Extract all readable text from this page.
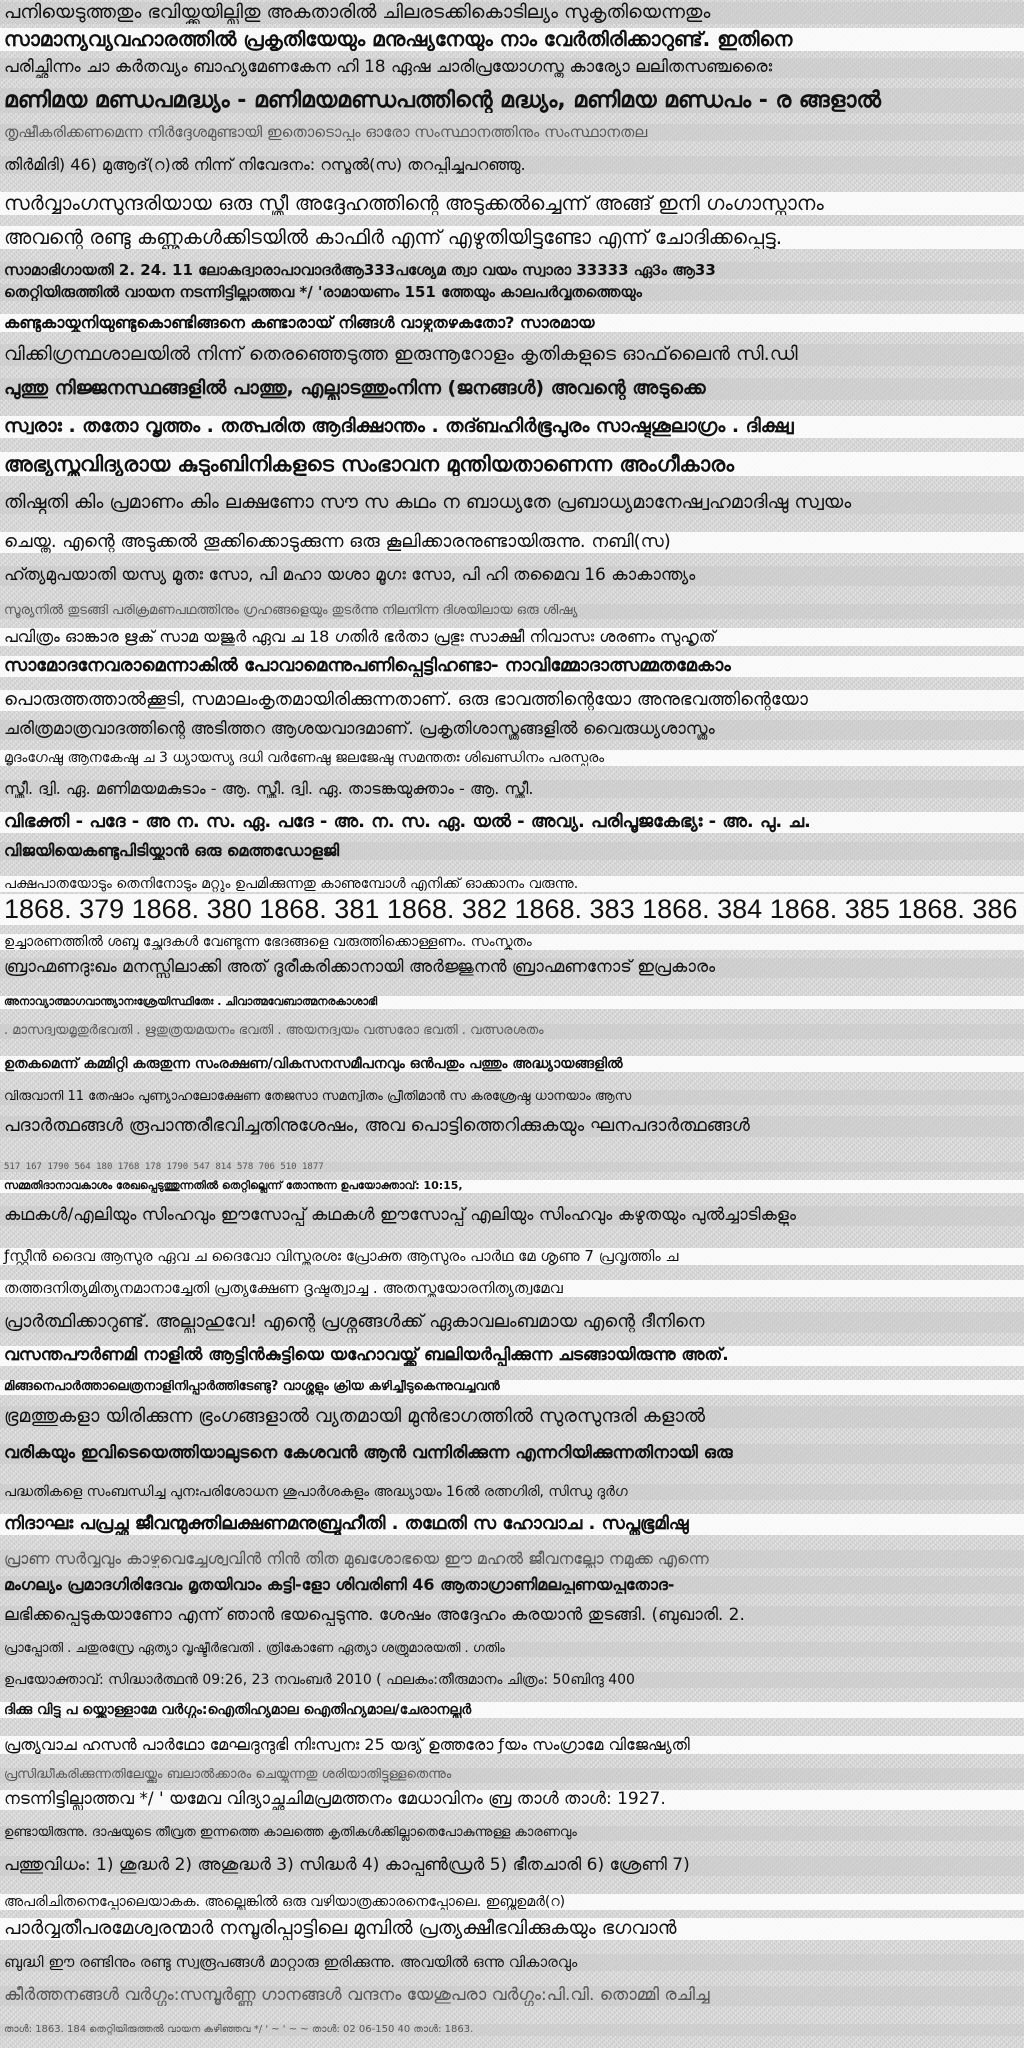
പനിയെടുത്തതും ഭവിയ്ക്കയില്ലിതു അകതാരിൽ ചിലരടക്കികൊടില്യം സുകൃതിയെന്നതും
സാമാന്യവ്യവഹാരത്തിൽ പ്രകൃതിയേയും മനുഷ്യനേയും നാം വേർതിരിക്കാറുണ്ട്. ഇതിനെ
പരിച്ഛിന്നം ചാ കർതവ്യം ബാഹ്യമേണകേന ഹി 18 ഏഷ ചാരിപ്രയോഗസ്തു കാര്യോ ലലിതസഞ്ചരൈഃ
മണിമയ മണ്ഡപമദ്ധ്യം - മണിമയമണ്ഡപത്തിന്റെ മദ്ധ്യം, മണിമയ മണ്ഡപം - ര ങ്ങളാൽ
തൃഷീകരിക്കണമെന്ന നിർദ്ദേശമുണ്ടായി ഇതൊടൊപ്പം ഓരോ സംസ്ഥാനത്തിനും സംസ്ഥാനതല
തിർമിദി) 46) മുആദ്(റ)ൽ നിന്ന് നിവേദനം: റസൂൽ(സ) തറപ്പിച്ചുപറഞ്ഞു.
സർവ്വാംഗസുന്ദരിയായ ഒരു സ്ത്രീ അദ്ദേഹത്തിന്റെ അടുക്കൽച്ചെന്ന് അങ്ങ് ഇനി ഗംഗാസ്നാനം
അവന്റെ രണ്ടു കണ്ണുകൾക്കിടയിൽ കാഫിർ എന്ന് എഴുതിയിട്ടുണ്ടോ എന്ന് ചോദിക്കപ്പെട്ടു.
സാമാഭിഗായതി 2. 24. 11 ലോകദ്വാരാപാവാദർആ333പശ്യേമ ത്വാ വയം സ്വാരാ 33333 ഏ3ം ആ33
തെറ്റിയിരുത്തിൽ വായന നടന്നിട്ടില്ലാത്തവ */ 'രാമായണം 151 ത്തേയും കാലപർവ്വതത്തെയും
കണ്ടുകായ്കനിയുണ്ടുകൊണ്ടിങ്ങനെ കണ്ടാരായ് നിങ്ങൾ വാഴ്വതഴകതോ? സാരമായ
വിക്കിഗ്രന്ഥശാലയിൽ നിന്ന് തെരഞ്ഞെടുത്ത ഇരുന്നൂറോളം കൃതികളുടെ ഓഫ്‌ലൈൻ സി.ഡി
പുത്തു നിജ്ജനസ്ഥങ്ങളിൽ പാത്തു, എല്ലാടത്തുംനിന്ന (ജനങ്ങൾ) അവന്റെ അടുക്കെ
സ്വരാഃ . തതോ വൃത്തം . തത്പരിത ആദിക്ഷാന്തം . തദ്ബഹിർഭൂപുരം സാഷ്ടശൂലാഗ്രം . ദിക്ഷ്വ
അഭ്യസ്തവിദ്യരായ കുടുംബിനികളുടെ സംഭാവന മുന്തിയതാണെന്ന അംഗീകാരം
തിഷ്ഠതി കിം പ്രമാണം കിം ലക്ഷണോ സൗ സ കഥം ന ബാധ്യതേ പ്രബാധ്യമാനേഷ്വഹമാദിഷു സ്വയം
ചെയ്തു. എന്റെ അടുക്കൽ തൂക്കിക്കൊടുക്കുന്ന ഒരു കൂലിക്കാരനുണ്ടായിരുന്നു. നബി(സ)
ഹ്ത്യമുപയാതി യസ്യ മൂതഃ സോ, പി മഹാ യശാ മൂഗഃ സോ, പി ഹി തമൈവ 16 കാകാന്ത്യം
സൂര്യനിൽ തുടങ്ങി പരിക്രമണപഥത്തിനും ഗ്രഹങ്ങളെയും തുടർന്നു നിലനിന്ന ദിശയിലായ ഒരു ശിഷ്യ
പവിത്രം ഓങ്കാര ഋക് സാമ യജുർ ഏവ ച 18 ഗതിർ ഭർതാ പ്രഭുഃ സാക്ഷീ നിവാസഃ ശരണം സുഹൃത്
സാമോദനേവരാമെന്നാകിൽ പോവാമെന്നുപണിപ്പെട്ടിഹണ്ടാ- നാവിമ്മോദാത്സമ്മതമേകാം
പൊരുത്തത്താൽക്കൂടി, സമാലംകൃതമായിരിക്കുന്നതാണ്. ഒരു ഭാവത്തിന്റെയോ അനുഭവത്തിന്റെയോ
ചരിത്രമാത്രവാദത്തിന്റെ അടിത്തറ ആശയവാദമാണ്. പ്രകൃതിശാസ്ത്രങ്ങളിൽ വൈരുധ്യശാസ്ത്രം
മൃദംഗേഷു ആനകേഷു ച 3 ധ്യായസ്യ ദധി വർണേഷു ജലജേഷു സമന്തതഃ ശിഖണ്ഡിനം പരസ്പരം
സ്ത്രീ. ദ്വി. ഏ. മണിമയമകുടാം - ആ. സ്ത്രീ. ദ്വി. ഏ. താടങ്കയുക്താം - ആ. സ്ത്രീ.
വിഭക്തി - പദേ - അ ന. സ. ഏ. പദേ - അ. ന. സ. ഏ. യൽ - അവ്യ. പരിപൂജകേഭ്യഃ - അ. പു. ച.
വിജയിയെകണ്ടുപിടിയ്ക്കാൻ ഒരു മെത്തഡോളജി
പക്ഷപാതയോടും തെനിനോടും മറ്റും ഉപമിക്കുന്നതു കാണുമ്പോൾ എനിക്ക് ഓക്കാനം വരുന്നു.
1868. 379 1868. 380 1868. 381 1868. 382 1868. 383 1868. 384 1868. 385 1868. 386
ഉച്ചാരണത്തിൽ ശബ്ദ ച്ഛേദകൾ വേണ്ടുന്ന ഭേദങ്ങളെ വരുത്തിക്കൊള്ളണം. സംസ്കൃതം
ബ്രാഹ്മണദുഃഖം മനസ്സിലാക്കി അത് ദൂരീകരിക്കാനായി അർജ്ജുനൻ ബ്രാഹ്മണനോട് ഇപ്രകാരം
അനാവ്യാത്മാഗവാന്ത്യാനഃശ്രേയിസ്ഥിതേഃ . ചിവാത്മവേബാത്മനരകാശാഭി
. മാസദ്വയമൃതുർഭവതി . ഋതുത്രയമയനം ഭവതി . അയനദ്വയം വത്സരോ ഭവതി . വത്സരശതം
ഉതകമെന്ന് കമ്മിറ്റി കരുതുന്ന സംരക്ഷണ/വികസനസമീപനവും ഒൻപതും പത്തും അദ്ധ്യായങ്ങളിൽ
വിരുവാനി 11 തേഷാം പുണ്യാഹലോക്ഷേണ തേജസാ സമന്വിതം പ്രീതിമാൻ സ കരശ്രേഷ്ഠ ധാനയാം ആസ
പദാർത്ഥങ്ങൾ രൂപാന്തരീഭവിച്ചതിനുശേഷം, അവ പൊട്ടിത്തെറിക്കുകയും ഘനപദാർത്ഥങ്ങൾ
517 167 1790 564 180 1768 178 1790 547 814 578 706 510 1877
സമ്മതിദാനാവകാശം രേഖപ്പെടുത്തുന്നതിൽ തെറ്റില്ലെന്ന് തോന്നുന്ന ഉപയോക്താവ്: 10:15,
കഥകൾ/എലിയും സിംഹവും ഈസോപ്പ് കഥകൾ ഈസോപ്പ് എലിയും സിംഹവും കഴുതയും പുൽച്ചാടികളും
ƒസ്റ്റീൻ ദൈവ ആസുര ഏവ ച ദൈവോ വിസ്തരശഃ പ്രോക്ത ആസുരം പാർഥ മേ ശൃണു 7 പ്രവൃത്തിം ച
തത്തദനിത്യമിത്യനമാനാച്ചേതി പ്രത്യക്ഷേണ ദൃഷ്ടത്വാച്ച . അതസ്തയോരനിത്യത്വമേവ
പ്രാർത്ഥിക്കാറുണ്ട്. അല്ലാഹുവേ! എന്റെ പ്രശ്നങ്ങൾക്ക് ഏകാവലംബമായ എന്റെ ദീനിനെ
വസന്തപൗർണമി നാളിൽ ആട്ടിൻകുട്ടിയെ യഹോവയ്ക്ക് ബലിയർപ്പിക്കുന്ന ചടങ്ങായിരുന്നു അത്.
മിങ്ങനെപാർത്താലെത്രനാളിനിപ്പാർത്തിടേണ്ടു? വാശ്ശളും ക്രിയ കഴിച്ചീടുകെന്നുവച്ചവൻ
ഭ്രമത്തുകളാ യിരിക്കുന്ന ഭ്രംഗങ്ങളാൽ വ്യതമായി മുൻഭാഗത്തിൽ സുരസുന്ദരി കളാൽ
വരികയും ഇവിടെയെത്തിയാലുടനെ കേശവൻ ആൻ വന്നിരിക്കുന്ന എന്നറിയിക്കുന്നതിനായി ഒരു
പദ്ധതികളെ സംബന്ധിച്ച പുനഃപരിശോധന ശുപാർശകളും അദ്ധ്യായം 16ൽ രത്നഗിരി, സിന്ധു ദുർഗ
നിദാഘഃ പപ്രച്ഛ ജീവന്മുക്തിലക്ഷണമനുബ്രൂഹീതി . തഥേതി സ ഹോവാച . സപ്തഭൂമിഷു
പ്രാണ സർവ്വവും കാഴ്ചവെച്ചേശ്വവിൻ നിൻ തിത മുഖശോഭയെ ഈ മഹൽ ജീവനല്ലോ നമുക്ക എന്നെ
മംഗല്യം പ്രമാദഗിരിദേവം മൃതയിവാം കട്ടി-ളോ ശിവരിണി 46 ആതാഗ്രാണിമലപ്പ്രണയപ്പ്രതോദ-
ലഭിക്കപ്പെടുകയാണോ എന്ന് ഞാൻ ഭയപ്പെടുന്നു. ശേഷം അദ്ദേഹം കരയാൻ തുടങ്ങി. (ബുഖാരി. 2.
പ്രാപ്പോതി . ചതുരസ്രേ ഏത്യാ വൃഷ്ടീർഭവതി . ത്രികോണേ ഏത്യാ ശത്രുമാരയതി . ഗതിം
ഉപയോക്താവ്: സിദ്ധാർത്ഥൻ 09:26, 23 നവംബർ 2010 ( ഫലകം:തീരുമാനം ചിത്രം: 50ബിന്ദു 400
ദിക്കു വിട്ടു പ യ്ക്കൊള്ളാമേ വർഗ്ഗം:ഐതിഹ്യമാല ഐതിഹ്യമാല/ചേരാനല്ലൂർ
പ്രത്യുവാച ഹസൻ പാർഥോ മേഘദുന്ദുഭി നിഃസ്വനഃ 25 യദ്യ് ഉത്തരോ ƒയം സംഗ്രാമേ വിജേഷ്യതി
പ്രസിദ്ധീകരിക്കുന്നതിലേയ്ക്കും ബലാൽക്കാരം ചെയ്യുന്നതു ശരിയാതിട്ടുള്ളതെന്നും
നടന്നിട്ടില്ലാത്തവ */ ' യമേവ വിദ്യാച്ഛചിമപ്രമത്തനം മേധാവിനം ബ്ര താൾ താൾ: 1927.
ഉണ്ടായിരുന്നു. ദാഷയുടെ തീവ്രത ഇന്നത്തെ കാലത്തെ കൃതികൾക്കില്ലാതെപോകുന്നുള്ള കാരണവും
പത്തുവിധം: 1) ശുദ്ധർ 2) അശുദ്ധർ 3) സിദ്ധർ 4) കാപ്പൺഡ്രർ 5) ഭീതചാരി 6) ശ്രേണി 7)
അപരിചിതനെപ്പോലെയാകക. അല്ലെങ്കിൽ ഒരു വഴിയാത്രക്കാരനെപ്പോലെ. ഇബ്നുഉമർ(റ)
പാർവ്വതീപരമേശ്വരന്മാർ നമ്പൂരിപ്പാട്ടിലെ മുമ്പിൽ പ്രത്യക്ഷീഭവിക്കുകയും ഭഗവാൻ
ബുദ്ധി ഈ രണ്ടിനും രണ്ടു സ്വരൂപങ്ങൾ മാറ്റാരു ഇരിക്കുന്നു. അവയിൽ ഒന്നു വികാരവും
കീർത്തനങ്ങൾ വർഗ്ഗം:സമ്പൂർണ്ണ ഗാനങ്ങൾ വന്ദനം യേശുപരാ വർഗ്ഗം:പി.വി. തൊമ്മി രചിച്ച
താൾ: 1863. 184 തെറ്റിയിരുത്തൽ വായന കഴിഞ്ഞവ */ ' ~ ' ~ ~ താൾ: 02 06-150 40 താൾ: 1863.
